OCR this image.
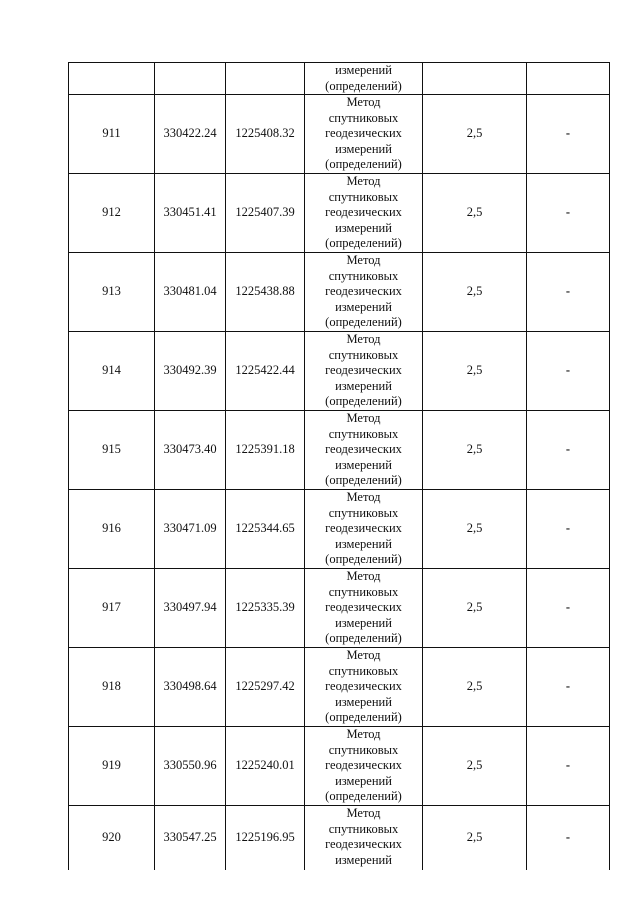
			измерений
(определений)		

911	330422.24	1225408.32	Метод
спутниковых
геодезических
измерений
(определений)	2,5	-
912	330451.41	1225407.39	Метод
спутниковых
геодезических
измерений
(определений)	2,5	-
913	330481.04	1225438.88	Метод
спутниковых
геодезических
измерений
(определений)	2,5	-
914	330492.39	1225422.44	Метод
спутниковых
геодезических
измерений
(определений)	2,5	-
915	330473.40	1225391.18	Метод
спутниковых
геодезических
измерений
(определений)	2,5	-
916	330471.09	1225344.65	Метод
спутниковых
геодезических
измерений
(определений)	2,5	-
917	330497.94	1225335.39	Метод
спутниковых
геодезических
измерений
(определений)	2,5	-
918	330498.64	1225297.42	Метод
спутниковых
геодезических
измерений
(определений)	2,5	-
919	330550.96	1225240.01	Метод
спутниковых
геодезических
измерений
(определений)	2,5	-
920	330547.25	1225196.95	Метод
спутниковых
геодезических
измерений	2,5	-
